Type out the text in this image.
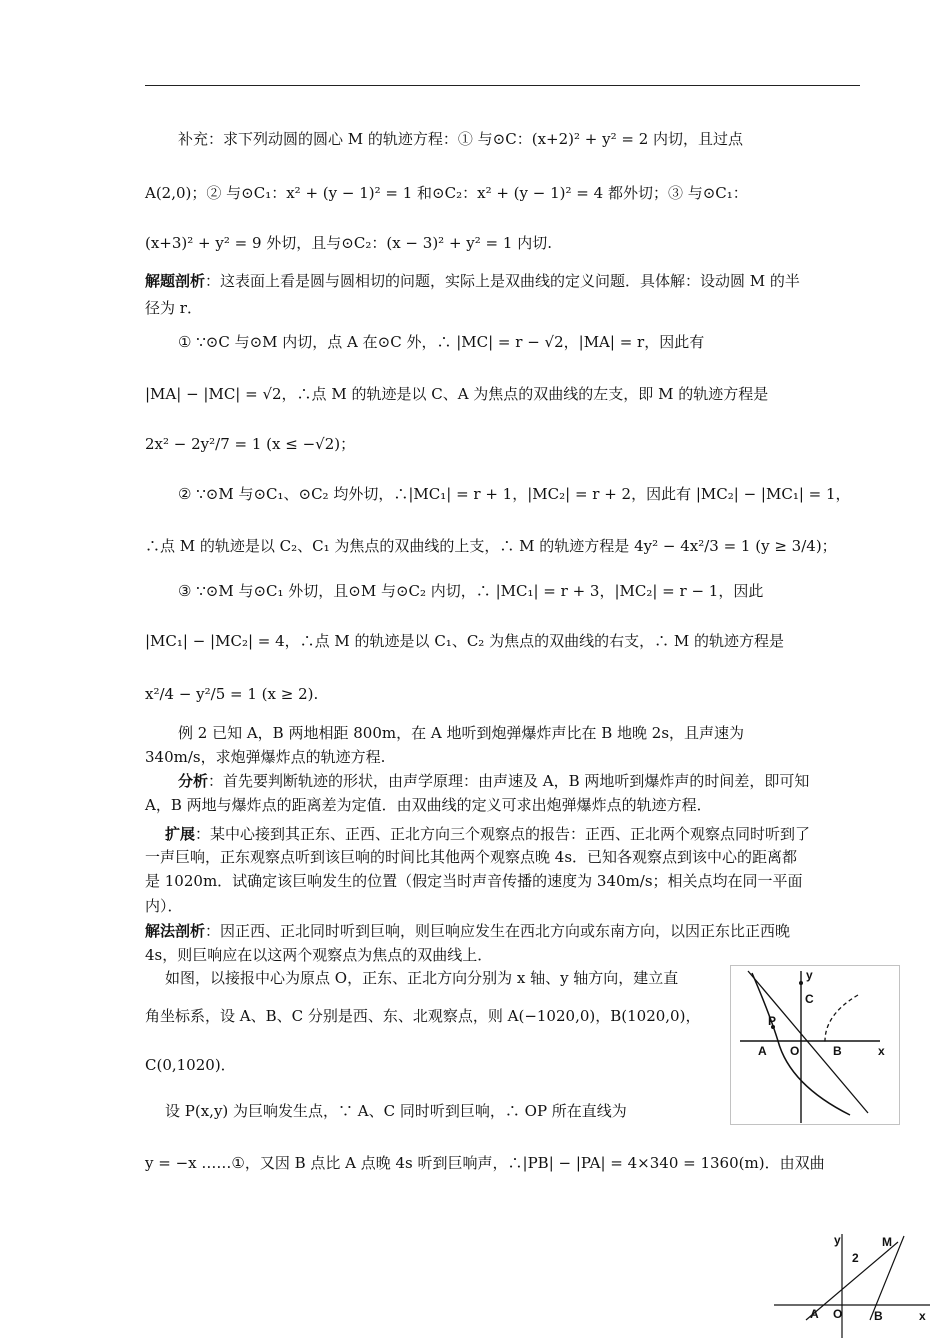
补充：求下列动圆的圆心 M 的轨迹方程：① 与⊙C：(x+2)² + y² = 2 内切，且过点
A(2,0)；② 与⊙C₁：x² + (y − 1)² = 1 和⊙C₂：x² + (y − 1)² = 4 都外切；③ 与⊙C₁：
(x+3)² + y² = 9 外切，且与⊙C₂：(x − 3)² + y² = 1 内切.
解题剖析：这表面上看是圆与圆相切的问题，实际上是双曲线的定义问题．具体解：设动圆 M 的半
径为 r．
① ∵⊙C 与⊙M 内切，点 A 在⊙C 外，∴ |MC| = r − √2，|MA| = r，因此有
|MA| − |MC| = √2，∴点 M 的轨迹是以 C、A 为焦点的双曲线的左支，即 M 的轨迹方程是
2x² − 2y²/7 = 1 (x ≤ −√2)；
② ∵⊙M 与⊙C₁、⊙C₂ 均外切，∴|MC₁| = r + 1，|MC₂| = r + 2，因此有 |MC₂| − |MC₁| = 1，
∴点 M 的轨迹是以 C₂、C₁ 为焦点的双曲线的上支，∴ M 的轨迹方程是 4y² − 4x²/3 = 1 (y ≥ 3/4)；
③ ∵⊙M 与⊙C₁ 外切，且⊙M 与⊙C₂ 内切，∴ |MC₁| = r + 3，|MC₂| = r − 1，因此
|MC₁| − |MC₂| = 4，∴点 M 的轨迹是以 C₁、C₂ 为焦点的双曲线的右支，∴ M 的轨迹方程是
x²/4 − y²/5 = 1 (x ≥ 2).
例 2 已知 A，B 两地相距 800m，在 A 地听到炮弹爆炸声比在 B 地晚 2s，且声速为
340m/s，求炮弹爆炸点的轨迹方程.
分析：首先要判断轨迹的形状，由声学原理：由声速及 A，B 两地听到爆炸声的时间差，即可知
A，B 两地与爆炸点的距离差为定值．由双曲线的定义可求出炮弹爆炸点的轨迹方程．
扩展：某中心接到其正东、正西、正北方向三个观察点的报告：正西、正北两个观察点同时听到了
一声巨响，正东观察点听到该巨响的时间比其他两个观察点晚 4s．已知各观察点到该中心的距离都
是 1020m．试确定该巨响发生的位置（假定当时声音传播的速度为 340m/s；相关点均在同一平面
内）．
解法剖析：因正西、正北同时听到巨响，则巨响应发生在西北方向或东南方向，以因正东比正西晚
4s，则巨响应在以这两个观察点为焦点的双曲线上．
如图，以接报中心为原点 O，正东、正北方向分别为 x 轴、y 轴方向，建立直
角坐标系，设 A、B、C 分别是西、东、北观察点，则 A(−1020,0)，B(1020,0)，
C(0,1020)．
设 P(x,y) 为巨响发生点，∵ A、C 同时听到巨响，∴ OP 所在直线为
y = −x ……①，又因 B 点比 A 点晚 4s 听到巨响声，∴|PB| − |PA| = 4×340 = 1360(m)．由双曲
y
C
P
A O	B	x
y	M
2
A O	B	x
